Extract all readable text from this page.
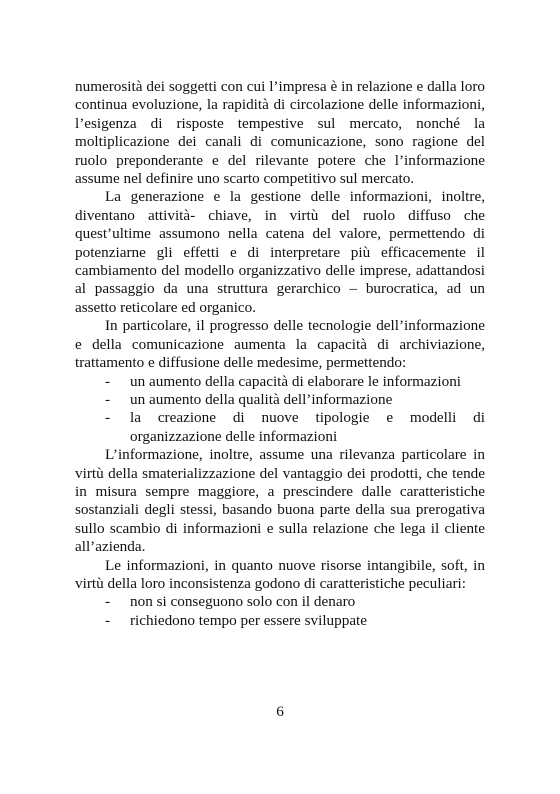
numerosità dei soggetti con cui l’impresa è in relazione e dalla loro continua evoluzione, la rapidità di circolazione delle informazioni, l’esigenza di risposte tempestive sul mercato, nonché la moltiplicazione dei canali di comunicazione, sono ragione del ruolo preponderante e del rilevante potere che l’informazione assume nel definire uno scarto competitivo sul mercato.

La generazione e la gestione delle informazioni, inoltre, diventano attività- chiave, in virtù del ruolo diffuso che quest’ultime assumono nella catena del valore, permettendo di potenziarne gli effetti e di interpretare più efficacemente il cambiamento del modello organizzativo delle imprese, adattandosi al passaggio da una struttura gerarchico – burocratica, ad un assetto reticolare ed organico.

In particolare, il progresso delle tecnologie dell’informazione e della comunicazione aumenta la capacità di archiviazione, trattamento e diffusione delle medesime, permettendo:

- un aumento della capacità di elaborare le informazioni
- un aumento della qualità dell’informazione
- la creazione di nuove tipologie e modelli di organizzazione delle informazioni

L’informazione, inoltre, assume una rilevanza particolare in virtù della smaterializzazione del vantaggio dei prodotti, che tende in misura sempre maggiore, a prescindere dalle caratteristiche sostanziali degli stessi, basando buona parte della sua prerogativa sullo scambio di informazioni e sulla relazione che lega il cliente all’azienda.

Le informazioni, in quanto nuove risorse intangibile, soft, in virtù della loro inconsistenza godono di caratteristiche peculiari:

- non si conseguono solo con il denaro
- richiedono tempo per essere sviluppate
6
